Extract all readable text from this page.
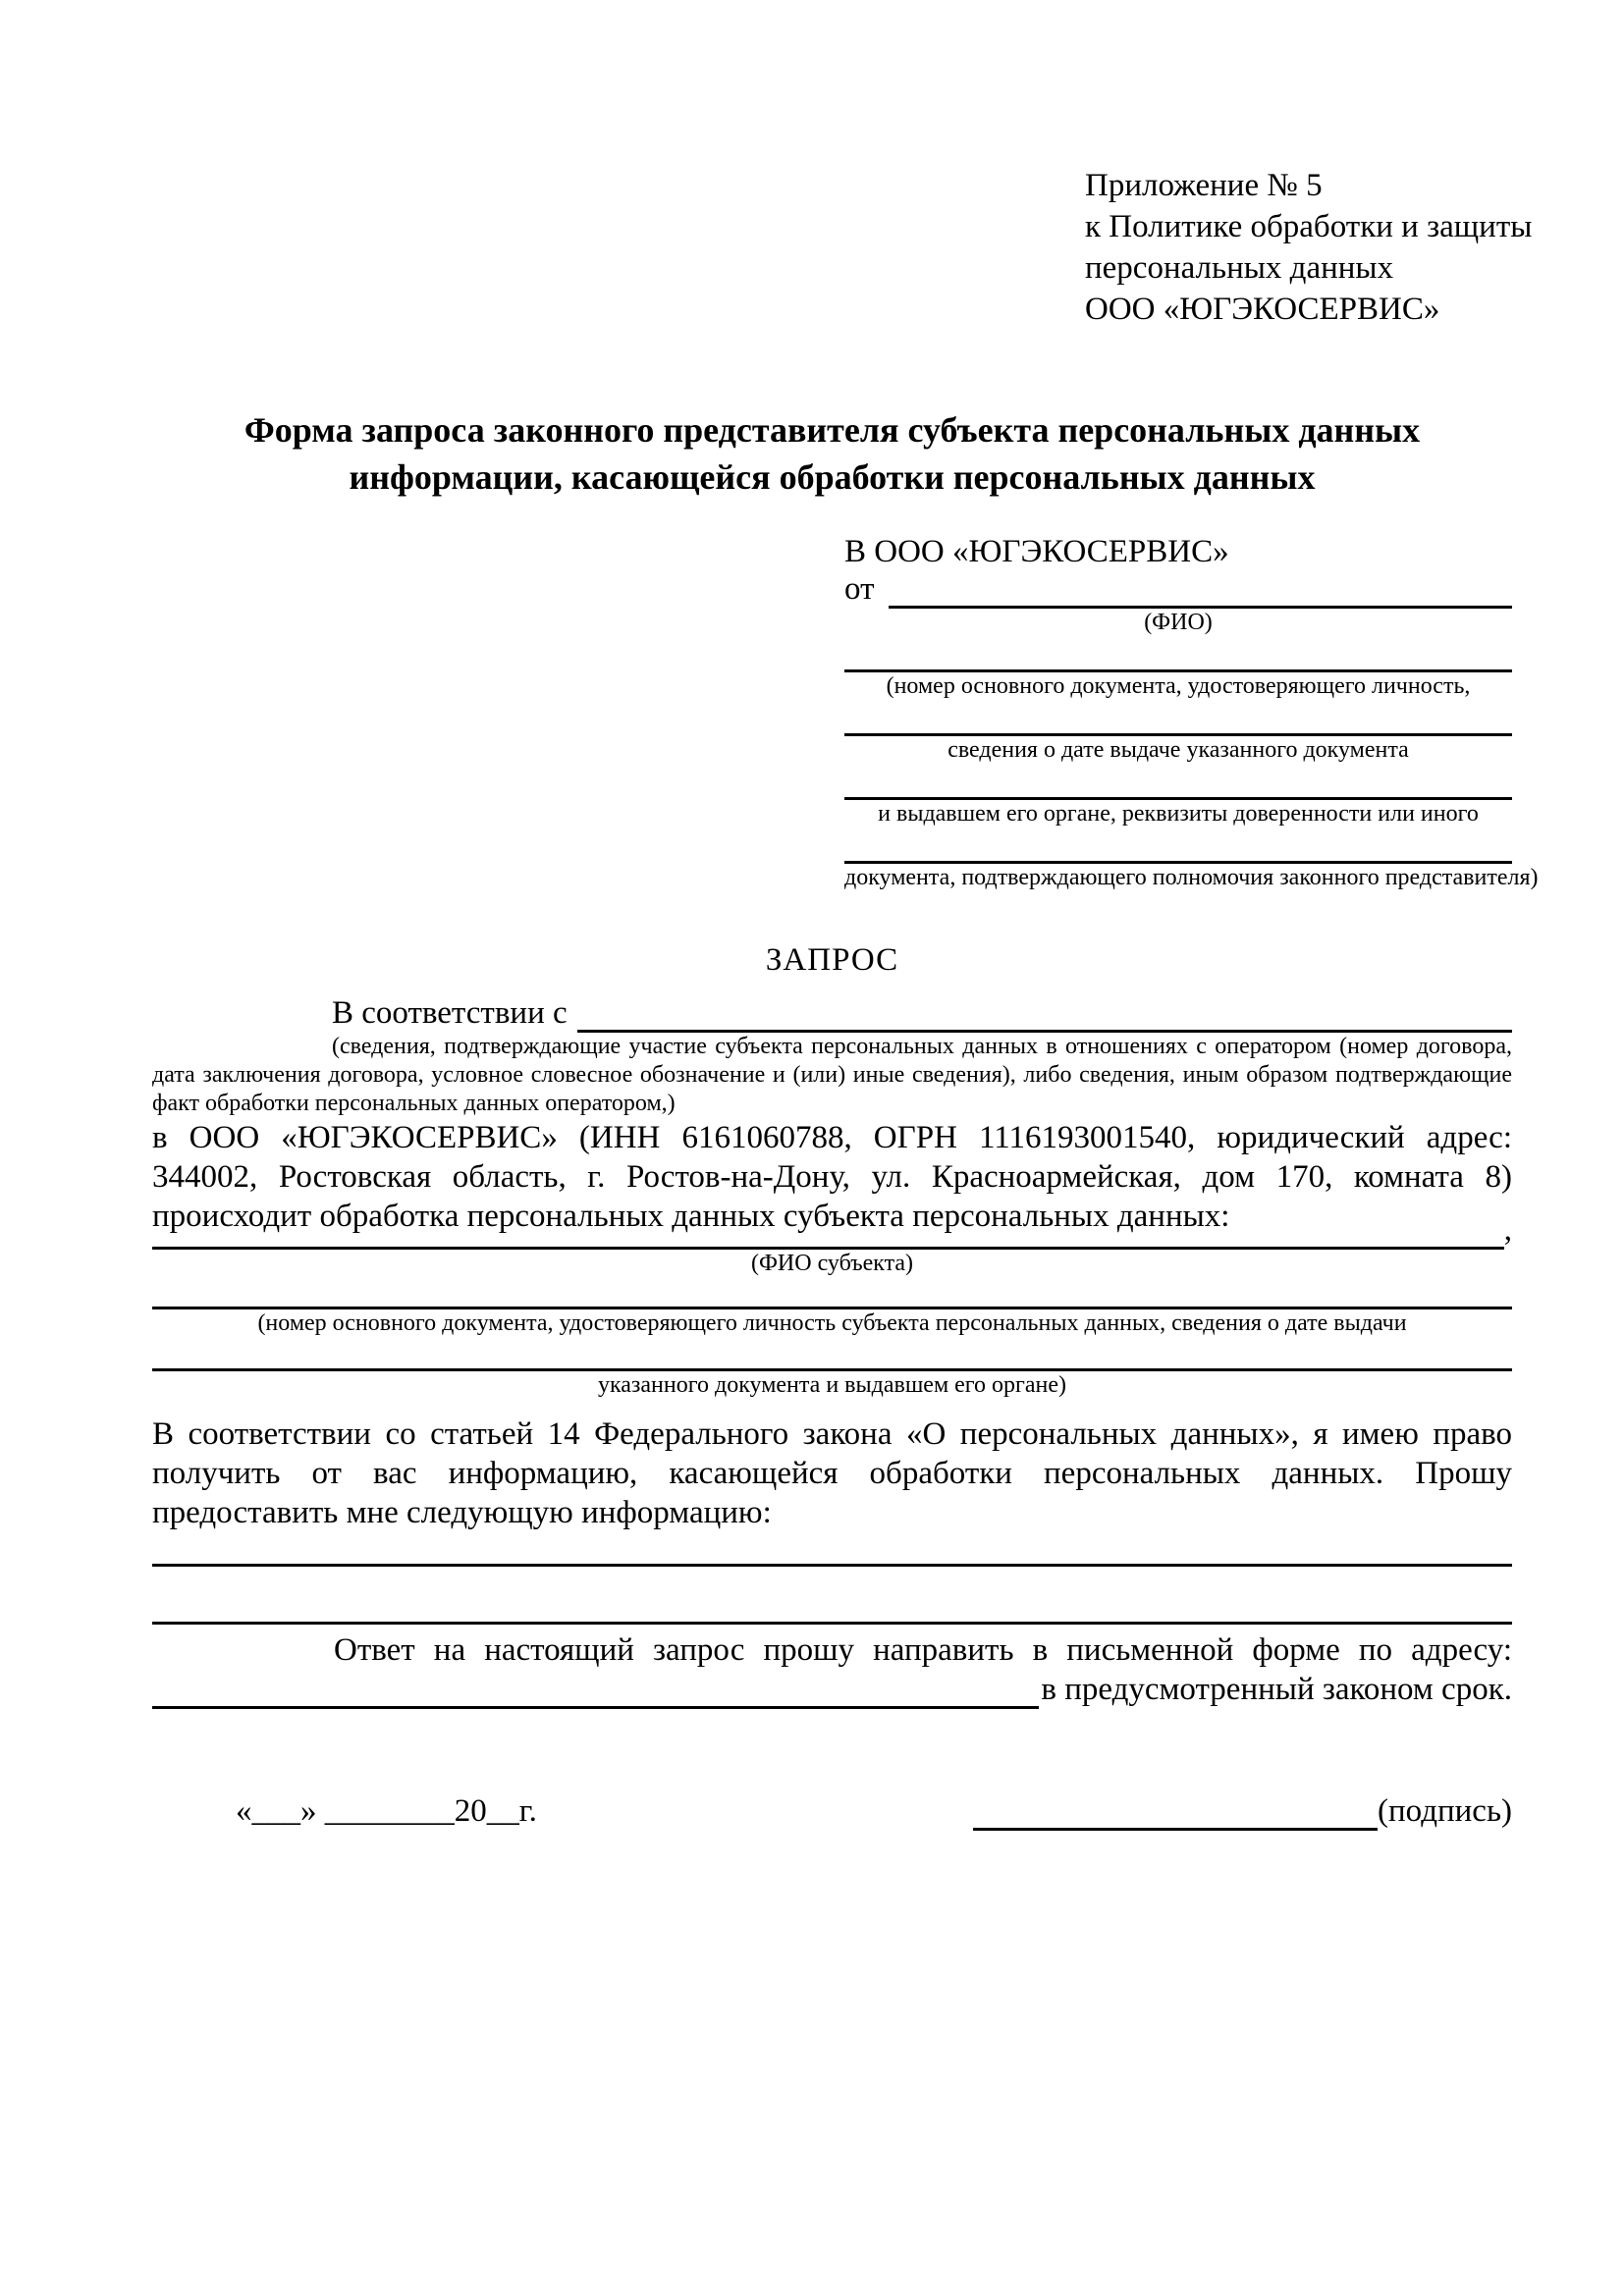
Приложение № 5
к Политике обработки и защиты
персональных данных
ООО «ЮГЭКОСЕРВИС»
Форма запроса законного представителя субъекта персональных данных
информации, касающейся обработки персональных данных
В ООО «ЮГЭКОСЕРВИС»
от
(ФИО)
(номер основного документа, удостоверяющего личность,
сведения о дате выдаче указанного документа
и выдавшем его органе, реквизиты доверенности или иного
документа, подтверждающего полномочия законного представителя)
ЗАПРОС
В соответствии с
(сведения, подтверждающие участие субъекта персональных данных в отношениях с оператором (номер договора, дата заключения договора, условное словесное обозначение и (или) иные сведения), либо сведения, иным образом подтверждающие факт обработки персональных данных оператором,)
в ООО «ЮГЭКОСЕРВИС» (ИНН 6161060788, ОГРН 1116193001540, юридический адрес: 344002, Ростовская область, г. Ростов-на-Дону, ул. Красноармейская, дом 170, комната 8) происходит обработка персональных данных субъекта персональных данных:	,
(ФИО субъекта)
(номер основного документа, удостоверяющего личность субъекта персональных данных, сведения о дате выдачи
указанного документа и выдавшем его органе)
В соответствии со статьей 14 Федерального закона «О персональных данных», я имею право получить от вас информацию, касающейся обработки персональных данных. Прошу предоставить мне следующую информацию:
Ответ на настоящий запрос прошу направить в письменной форме по адресу:
в предусмотренный законом срок.
«___» ________20__г.	(подпись)
